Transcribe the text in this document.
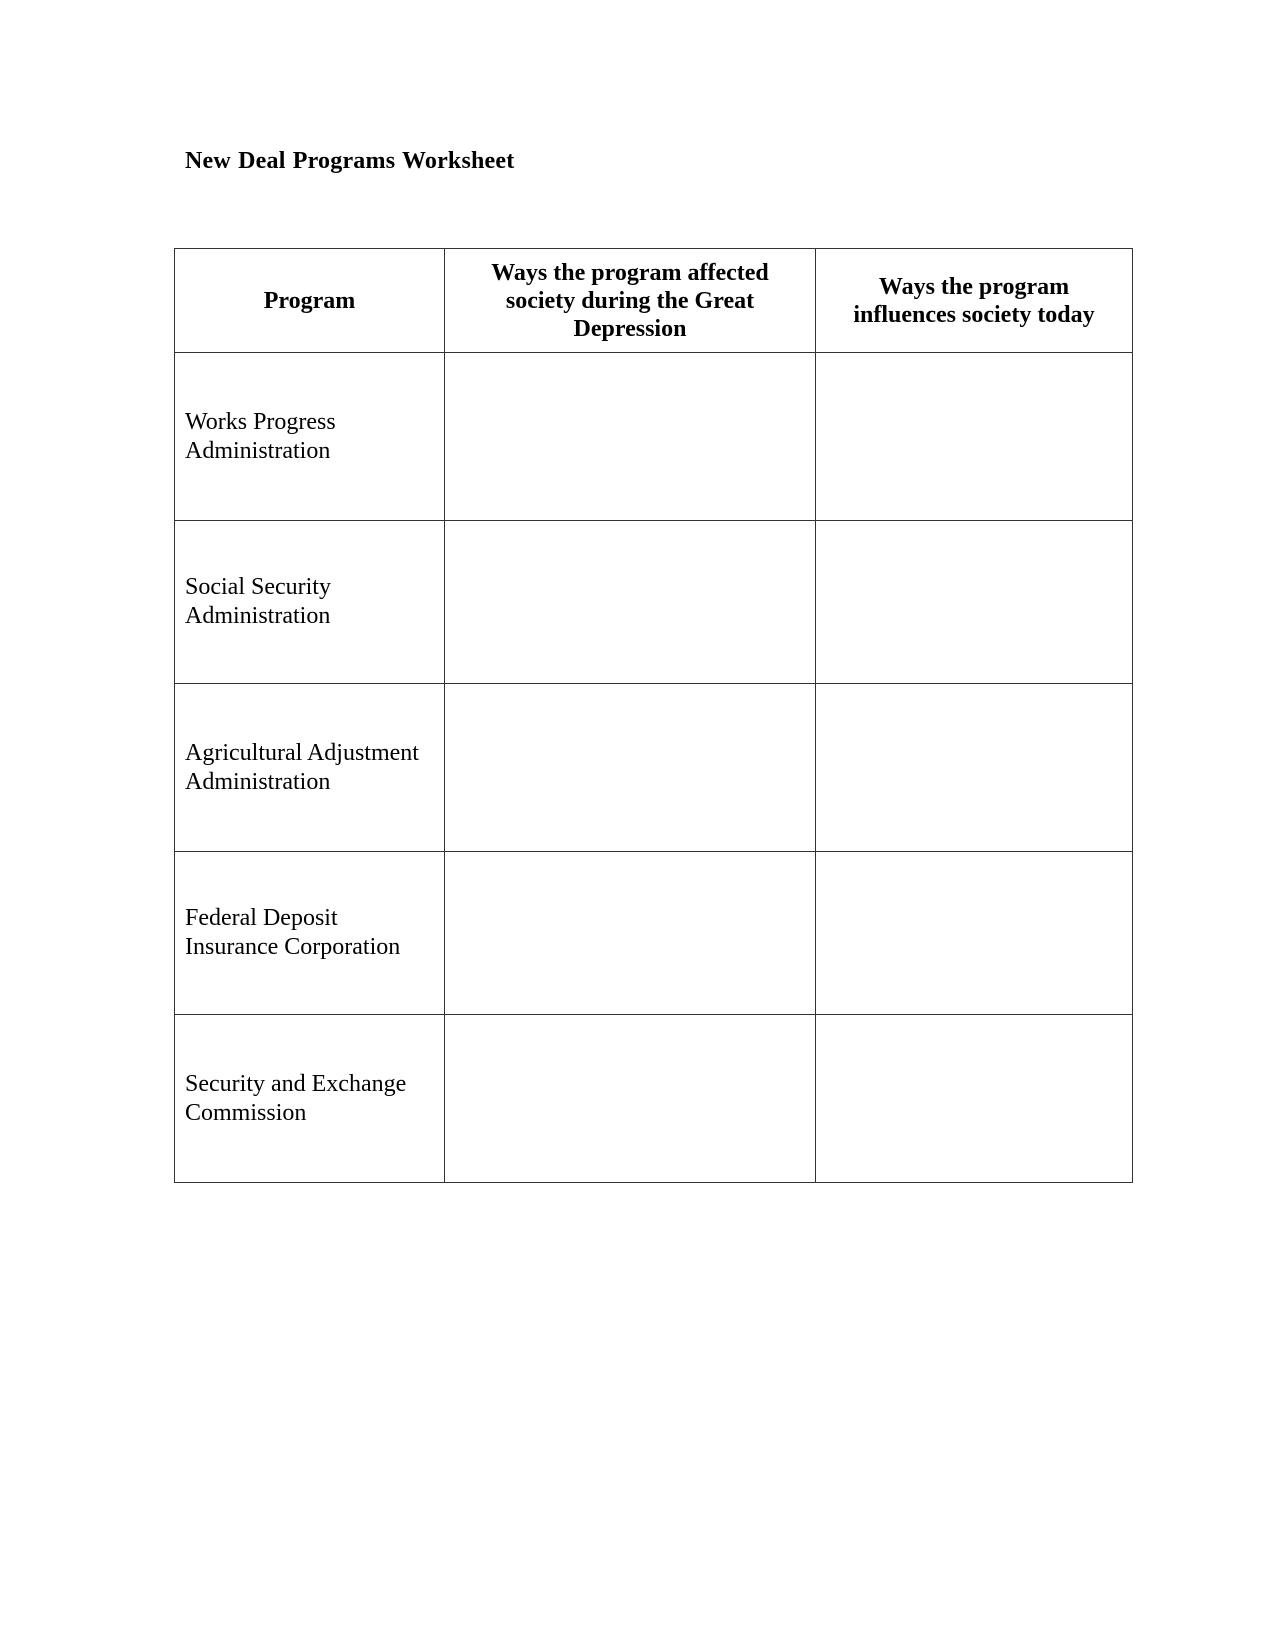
New Deal Programs Worksheet
Program	Ways the program affected society during the Great Depression	Ways the program influences society today

Works Progress Administration		

Social Security Administration		

Agricultural Adjustment Administration		

Federal Deposit Insurance Corporation		

Security and Exchange Commission		
